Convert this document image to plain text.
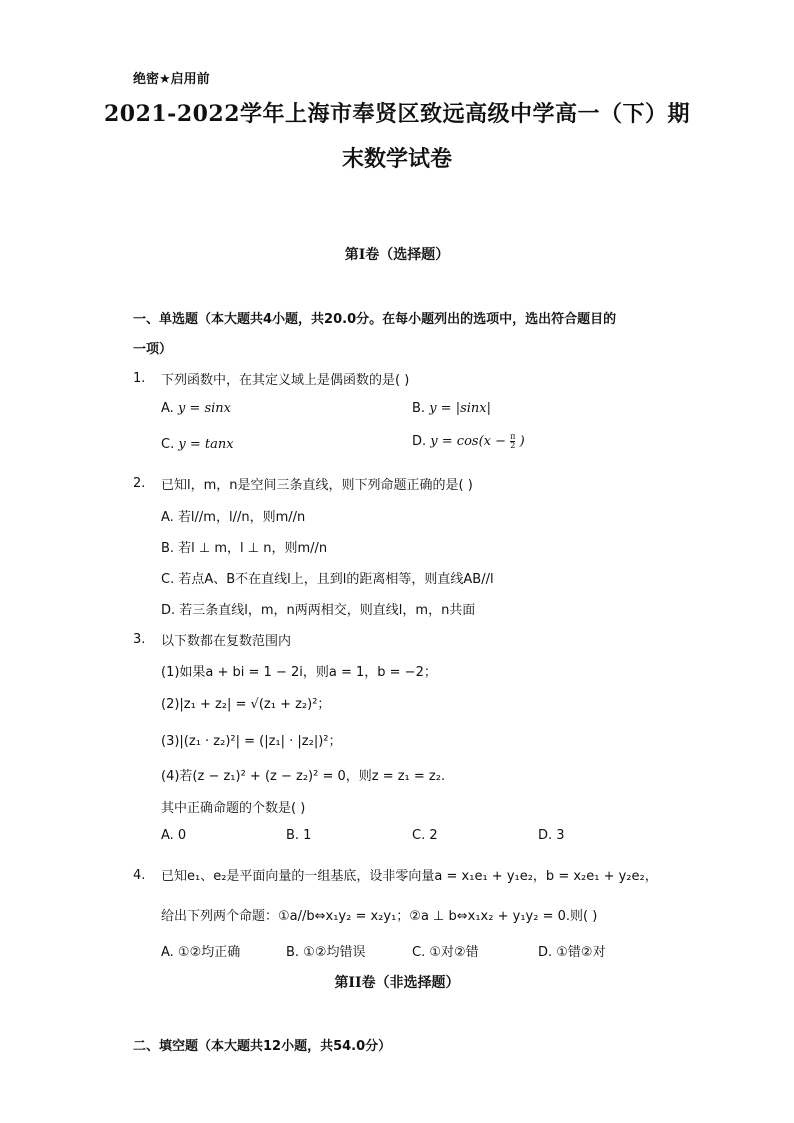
绝密★启用前
2021-2022学年上海市奉贤区致远高级中学高一（下）期
末数学试卷
第I卷（选择题）
一、单选题（本大题共4小题，共20.0分。在每小题列出的选项中，选出符合题目的
一项）
1. 下列函数中，在其定义域上是偶函数的是( )
A. y = sinx	B. y = |sinx|
C. y = tanx	D. $y = \cos(x - \frac{\pi}{2}$ )
2. 已知l，m，n是空间三条直线，则下列命题正确的是( )
A. 若l//m，l//n，则m//n
B. 若l ⊥ m，l ⊥ n，则m//n
C. 若点A、B不在直线l上，且到l的距离相等，则直线AB//l
D. 若三条直线l，m，n两两相交，则直线l，m，n共面
3. 以下数都在复数范围内
(1)如果a + bi = 1 − 2i，则a = 1，b = −2；
(2)|z₁ + z₂| = √(z₁ + z₂)²；
(3)|(z₁ · z₂)²| = (|z₁| · |z₂|)²；
(4)若(z − z₁)² + (z − z₂)² = 0，则z = z₁ = z₂.
其中正确命题的个数是( )
A. 0	B. 1	C. 2	D. 3
4. 已知e₁、e₂是平面向量的一组基底，设非零向量a = x₁e₁ + y₁e₂，b = x₂e₁ + y₂e₂，
给出下列两个命题：①a//b⇔x₁y₂ = x₂y₁；②a ⊥ b⇔x₁x₂ + y₁y₂ = 0.则( )
A. ①②均正确	B. ①②均错误	C. ①对②错	D. ①错②对
第II卷（非选择题）
二、填空题（本大题共12小题，共54.0分）
